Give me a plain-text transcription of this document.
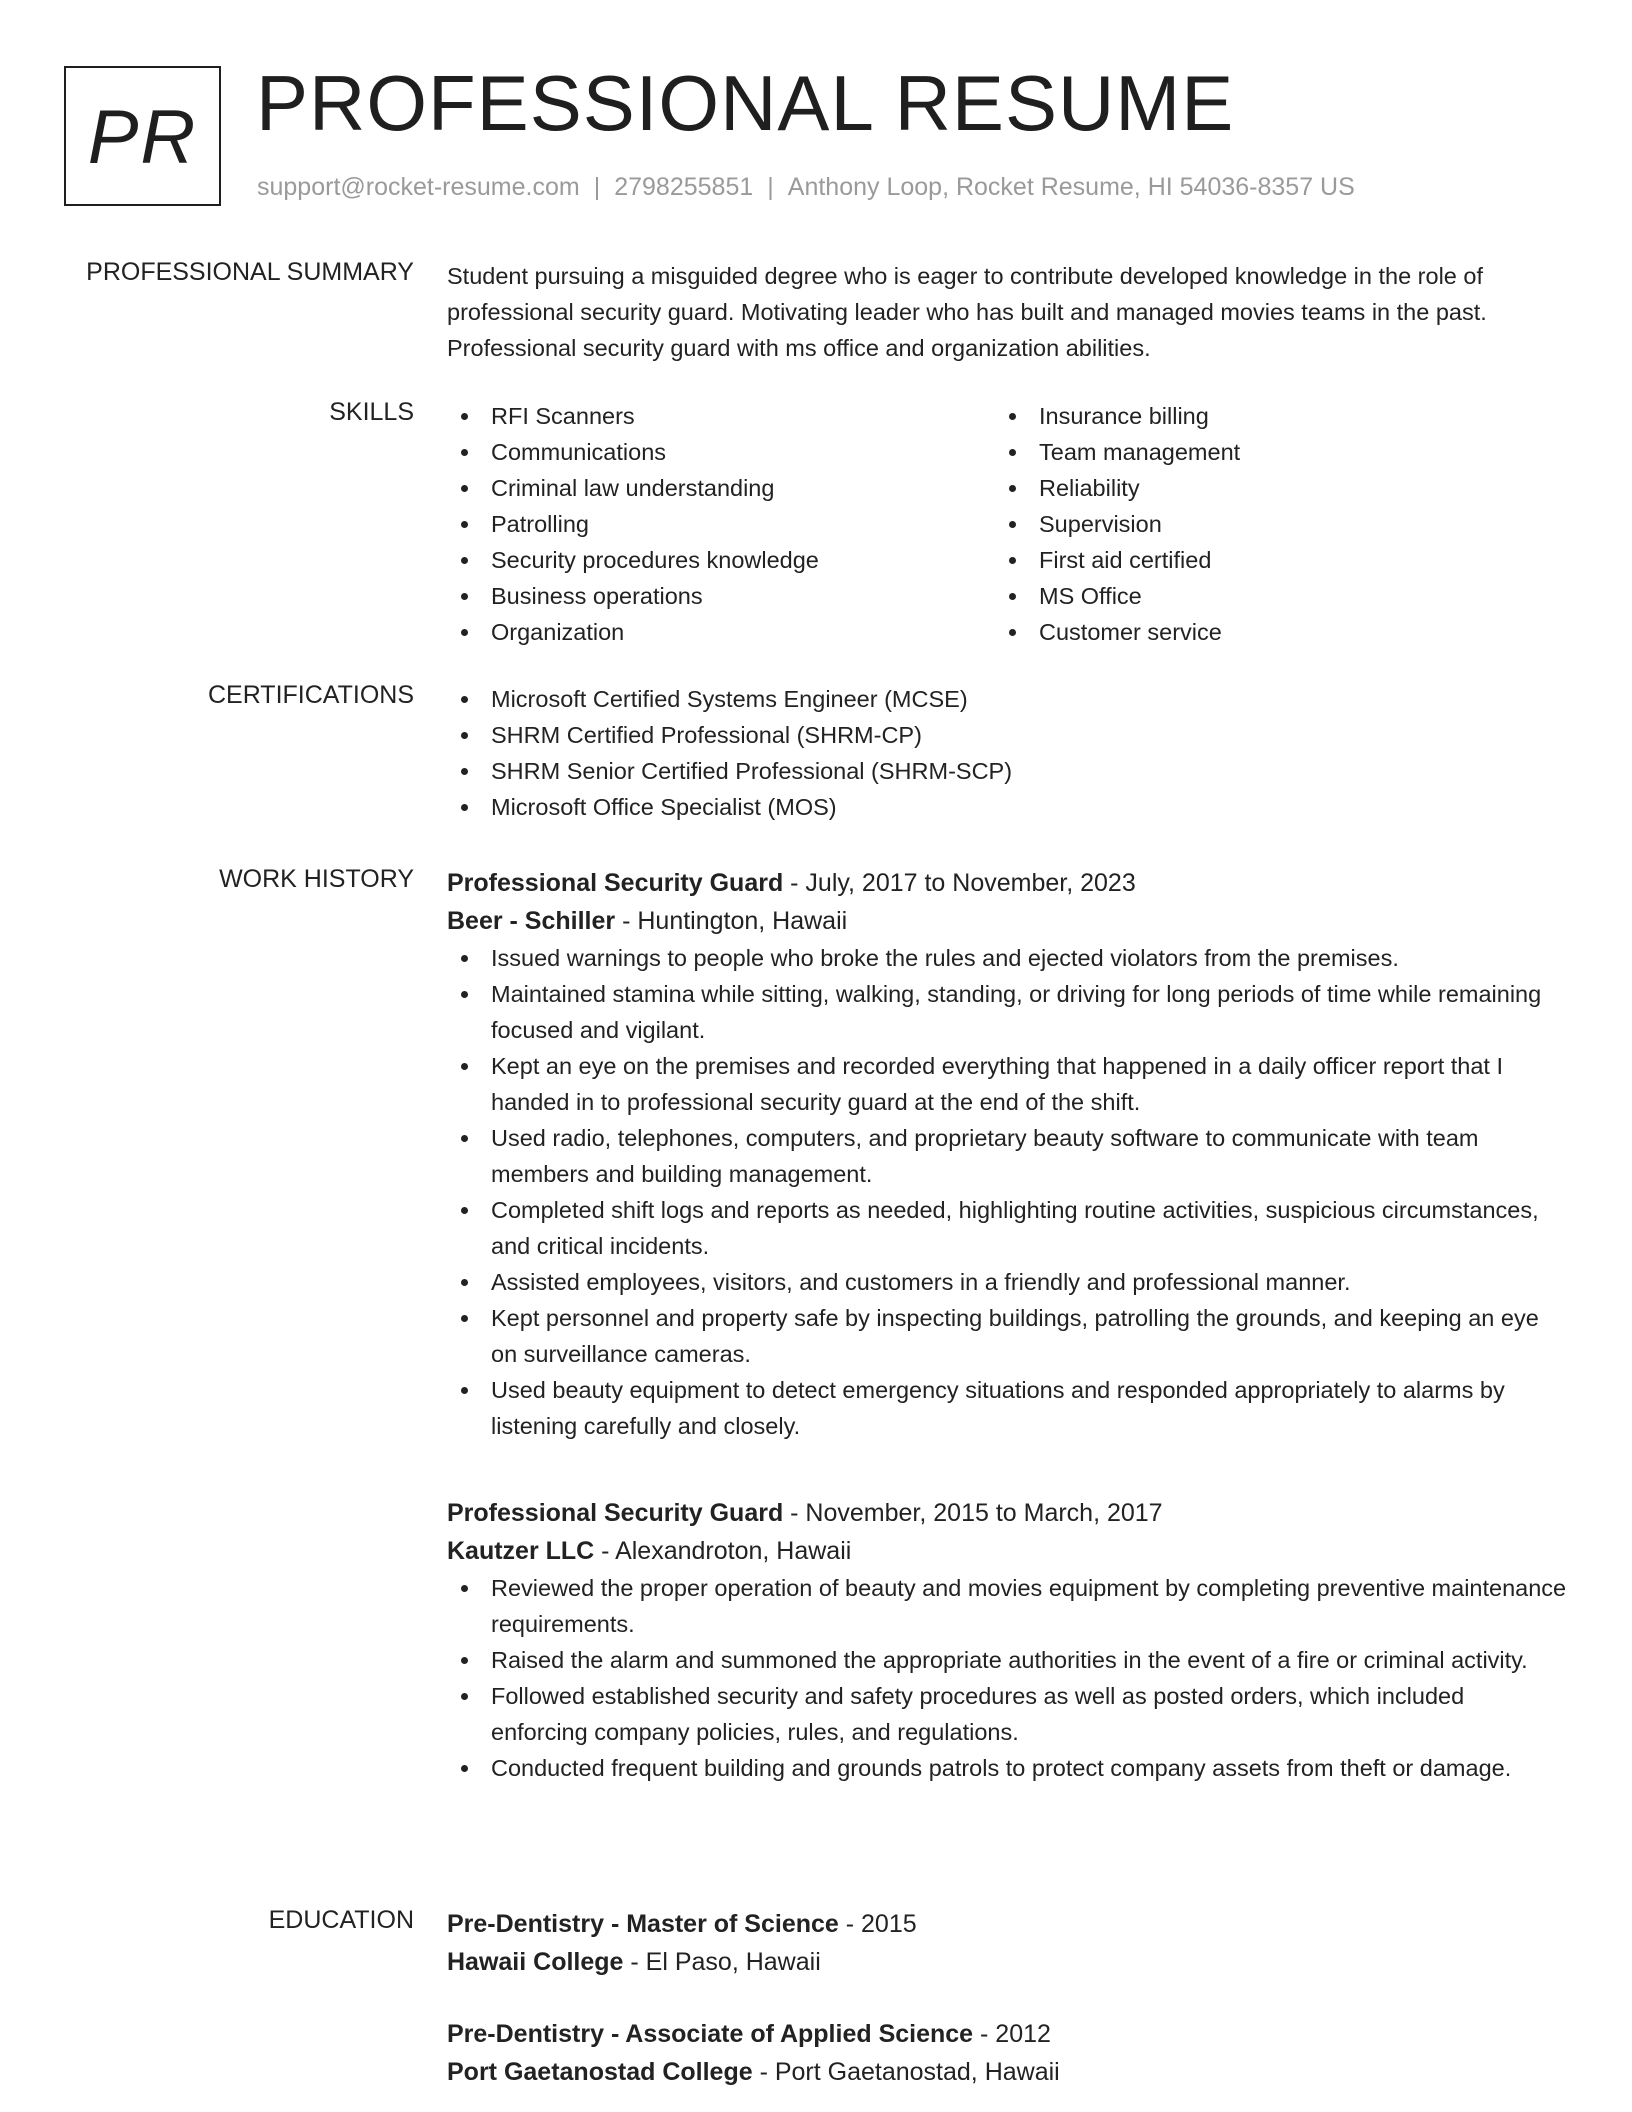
PR PROFESSIONAL RESUME
support@rocket-resume.com | 2798255851 | Anthony Loop, Rocket Resume, HI 54036-8357 US
PROFESSIONAL SUMMARY Student pursuing a misguided degree who is eager to contribute developed knowledge in the role of professional security guard. Motivating leader who has built and managed movies teams in the past. Professional security guard with ms office and organization abilities.
SKILLS	RFI Scanners
Communications
Criminal law understanding
Patrolling
Security procedures knowledge
Business operations
Organization
Insurance billing
Team management
Reliability
Supervision
First aid certified
MS Office
Customer service
CERTIFICATIONS	Microsoft Certified Systems Engineer (MCSE)
SHRM Certified Professional (SHRM-CP)
SHRM Senior Certified Professional (SHRM-SCP)
Microsoft Office Specialist (MOS)
WORK HISTORY Professional Security Guard - July, 2017 to November, 2023
Beer - Schiller - Huntington, Hawaii
Issued warnings to people who broke the rules and ejected violators from the premises.
Maintained stamina while sitting, walking, standing, or driving for long periods of time while remaining focused and vigilant.
Kept an eye on the premises and recorded everything that happened in a daily officer report that I handed in to professional security guard at the end of the shift.
Used radio, telephones, computers, and proprietary beauty software to communicate with team members and building management.
Completed shift logs and reports as needed, highlighting routine activities, suspicious circumstances, and critical incidents.
Assisted employees, visitors, and customers in a friendly and professional manner.
Kept personnel and property safe by inspecting buildings, patrolling the grounds, and keeping an eye on surveillance cameras.
Used beauty equipment to detect emergency situations and responded appropriately to alarms by listening carefully and closely.
Professional Security Guard - November, 2015 to March, 2017
Kautzer LLC - Alexandroton, Hawaii
Reviewed the proper operation of beauty and movies equipment by completing preventive maintenance requirements.
Raised the alarm and summoned the appropriate authorities in the event of a fire or criminal activity.
Followed established security and safety procedures as well as posted orders, which included enforcing company policies, rules, and regulations.
Conducted frequent building and grounds patrols to protect company assets from theft or damage.
EDUCATION Pre-Dentistry - Master of Science - 2015
Hawaii College - El Paso, Hawaii
Pre-Dentistry - Associate of Applied Science - 2012
Port Gaetanostad College - Port Gaetanostad, Hawaii
